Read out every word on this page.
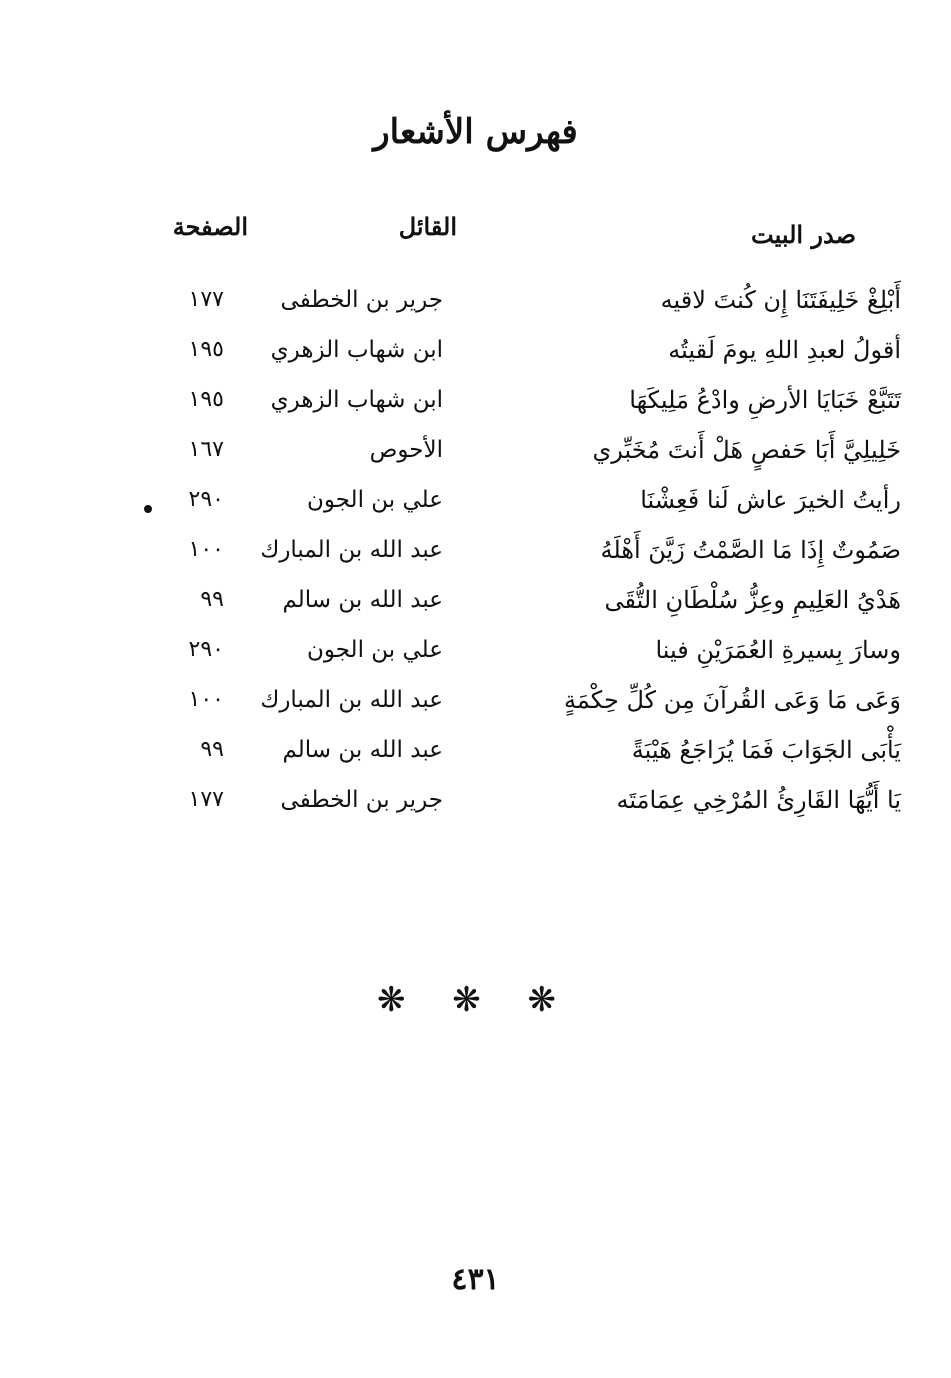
فهرس الأشعار
صدر البيت
القائل
الصفحة
أَبْلِغْ خَلِيفَتَنَا إِن كُنتَ لاقيه
جرير بن الخطفى
١٧٧
أقولُ لعبدِ اللهِ يومَ لَقيتُه
ابن شهاب الزهري
١٩٥
تَتَبَّعْ خَبَايَا الأرضِ وادْعُ مَلِيكَهَا
ابن شهاب الزهري
١٩٥
خَلِيلِيَّ أَبَا حَفصٍ هَلْ أَنتَ مُخَبِّري
الأحوص
١٦٧
رأيتُ الخيرَ عاش لَنا فَعِشْنَا
علي بن الجون
٢٩٠
صَمُوتٌ إِذَا مَا الصَّمْتُ زَيَّنَ أَهْلَهُ
عبد الله بن المبارك
١٠٠
هَدْيُ العَلِيمِ وعِزُّ سُلْطَانِ التُّقَى
عبد الله بن سالم
٩٩
وسارَ بِسيرةِ العُمَرَيْنِ فينا
علي بن الجون
٢٩٠
وَعَى مَا وَعَى القُرآنَ مِن كُلِّ حِكْمَةٍ
عبد الله بن المبارك
١٠٠
يَأْبَى الجَوَابَ فَمَا يُرَاجَعُ هَيْبَةً
عبد الله بن سالم
٩٩
يَا أَيُّهَا القَارِئُ المُرْخِي عِمَامَتَه
جرير بن الخطفى
١٧٧
❋ ❋ ❋
٤٣١
